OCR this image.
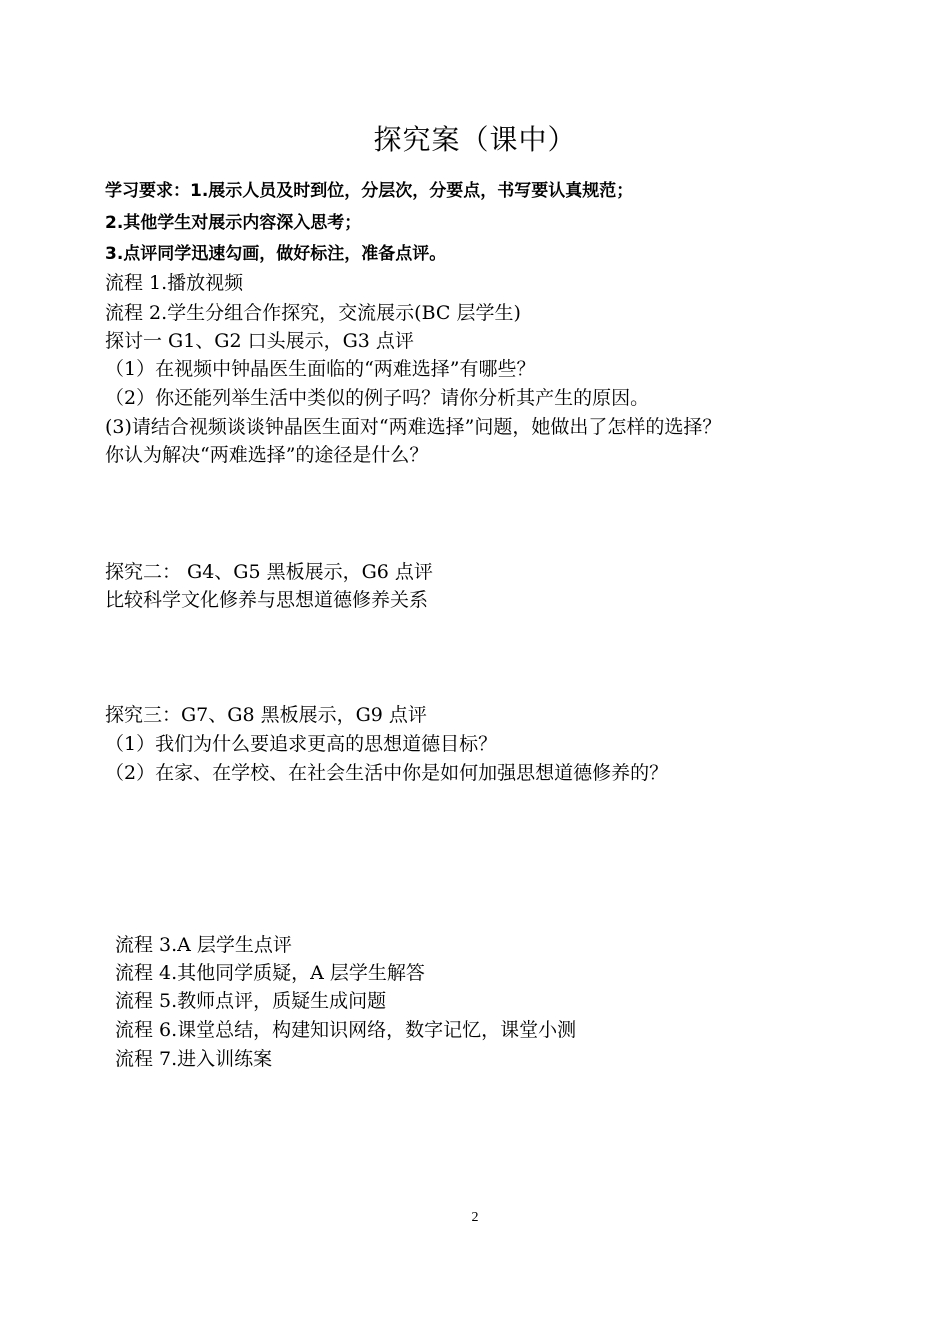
探究案（课中）
学习要求：1.展示人员及时到位，分层次，分要点，书写要认真规范；
2.其他学生对展示内容深入思考；
3.点评同学迅速勾画，做好标注，准备点评。
流程 1.播放视频
流程 2.学生分组合作探究，交流展示(BC 层学生)
探讨一 G1、G2 口头展示，G3 点评
（1）在视频中钟晶医生面临的“两难选择”有哪些？
（2）你还能列举生活中类似的例子吗？请你分析其产生的原因。
(3)请结合视频谈谈钟晶医生面对“两难选择”问题，她做出了怎样的选择？
你认为解决“两难选择”的途径是什么？
探究二： G4、G5 黑板展示，G6 点评
比较科学文化修养与思想道德修养关系
探究三：G7、G8 黑板展示，G9 点评
（1）我们为什么要追求更高的思想道德目标？
（2）在家、在学校、在社会生活中你是如何加强思想道德修养的？
流程 3.A 层学生点评
流程 4.其他同学质疑，A 层学生解答
流程 5.教师点评，质疑生成问题
流程 6.课堂总结，构建知识网络，数字记忆，课堂小测
流程 7.进入训练案
2
